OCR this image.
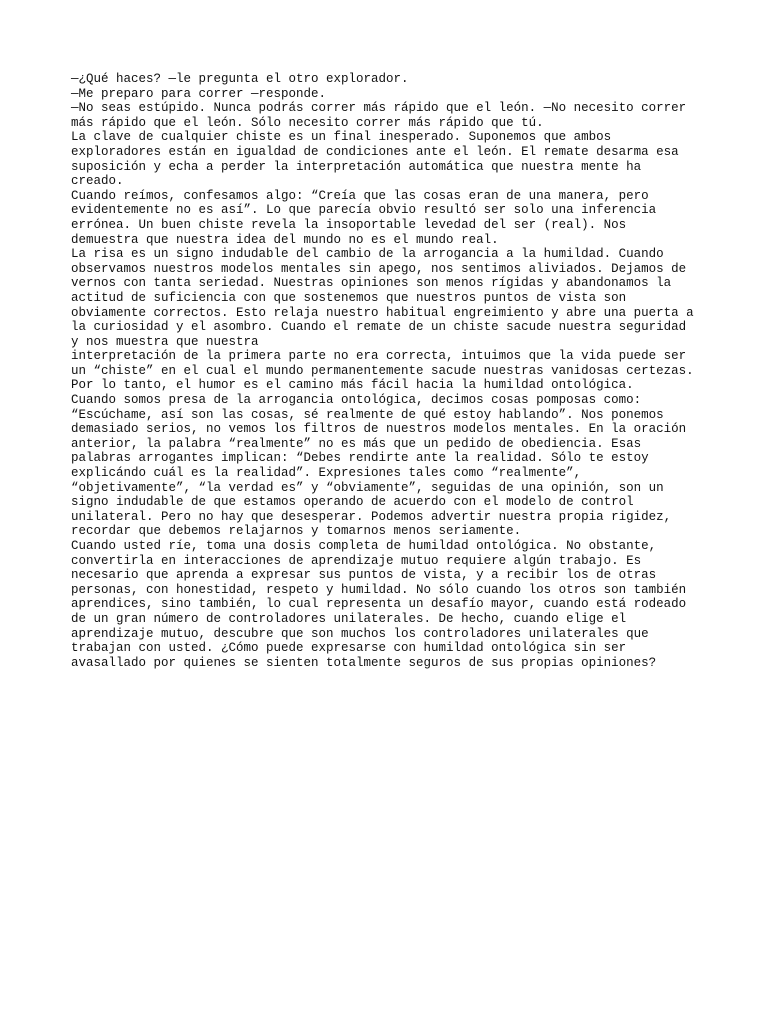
—¿Qué haces? —le pregunta el otro explorador.
—Me preparo para correr —responde.
—No seas estúpido. Nunca podrás correr más rápido que el león. —No necesito correr
más rápido que el león. Sólo necesito correr más rápido que tú.
La clave de cualquier chiste es un final inesperado. Suponemos que ambos
exploradores están en igualdad de condiciones ante el león. El remate desarma esa
suposición y echa a perder la interpretación automática que nuestra mente ha
creado.
Cuando reímos, confesamos algo: “Creía que las cosas eran de una manera, pero
evidentemente no es así”. Lo que parecía obvio resultó ser solo una inferencia
errónea. Un buen chiste revela la insoportable levedad del ser (real). Nos
demuestra que nuestra idea del mundo no es el mundo real.
La risa es un signo indudable del cambio de la arrogancia a la humildad. Cuando
observamos nuestros modelos mentales sin apego, nos sentimos aliviados. Dejamos de
vernos con tanta seriedad. Nuestras opiniones son menos rígidas y abandonamos la
actitud de suficiencia con que sostenemos que nuestros puntos de vista son
obviamente correctos. Esto relaja nuestro habitual engreimiento y abre una puerta a
la curiosidad y el asombro. Cuando el remate de un chiste sacude nuestra seguridad
y nos muestra que nuestra
interpretación de la primera parte no era correcta, intuimos que la vida puede ser
un “chiste” en el cual el mundo permanentemente sacude nuestras vanidosas certezas.
Por lo tanto, el humor es el camino más fácil hacia la humildad ontológica.
Cuando somos presa de la arrogancia ontológica, decimos cosas pomposas como:
“Escúchame, así son las cosas, sé realmente de qué estoy hablando”. Nos ponemos
demasiado serios, no vemos los filtros de nuestros modelos mentales. En la oración
anterior, la palabra “realmente” no es más que un pedido de obediencia. Esas
palabras arrogantes implican: “Debes rendirte ante la realidad. Sólo te estoy
explicándo cuál es la realidad”. Expresiones tales como “realmente”,
“objetivamente”, “la verdad es” y “obviamente”, seguidas de una opinión, son un
signo indudable de que estamos operando de acuerdo con el modelo de control
unilateral. Pero no hay que desesperar. Podemos advertir nuestra propia rigidez,
recordar que debemos relajarnos y tomarnos menos seriamente.
Cuando usted ríe, toma una dosis completa de humildad ontológica. No obstante,
convertirla en interacciones de aprendizaje mutuo requiere algún trabajo. Es
necesario que aprenda a expresar sus puntos de vista, y a recibir los de otras
personas, con honestidad, respeto y humildad. No sólo cuando los otros son también
aprendices, sino también, lo cual representa un desafío mayor, cuando está rodeado
de un gran número de controladores unilaterales. De hecho, cuando elige el
aprendizaje mutuo, descubre que son muchos los controladores unilaterales que
trabajan con usted. ¿Cómo puede expresarse con humildad ontológica sin ser
avasallado por quienes se sienten totalmente seguros de sus propias opiniones?
